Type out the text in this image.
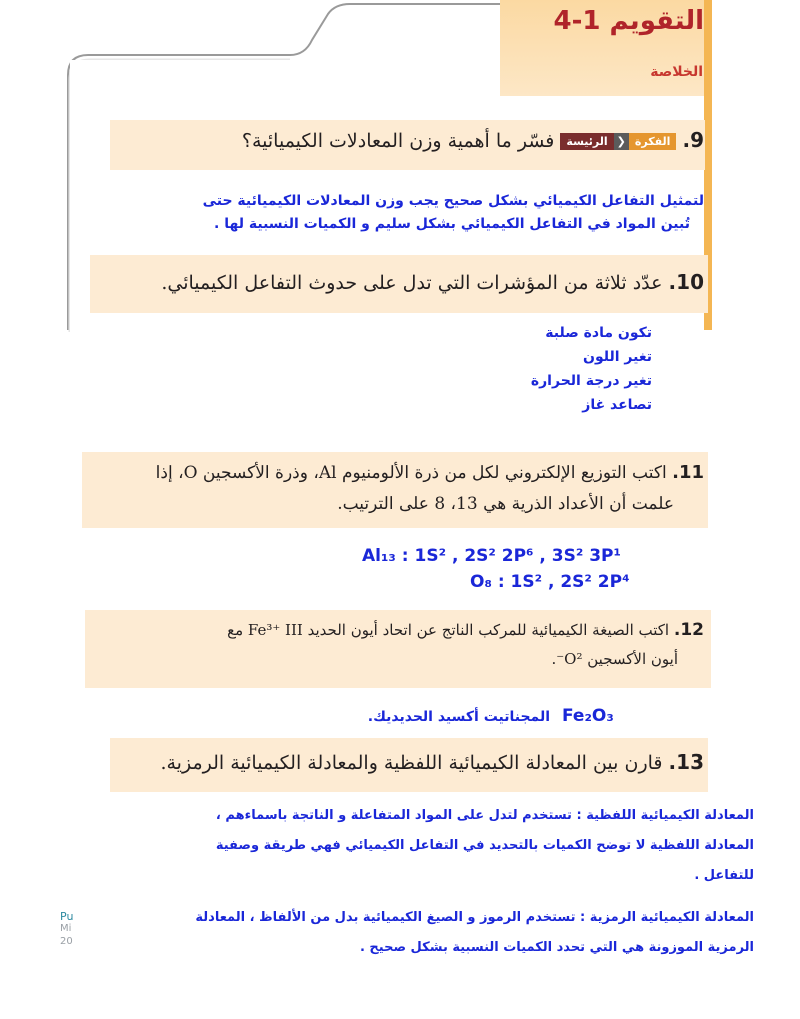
التقويم 1-4
الخلاصة
9. الفكرة❮الرئيسة فسّر ما أهمية وزن المعادلات الكيميائية؟
لتمثيل التفاعل الكيميائي بشكل صحيح يجب وزن المعادلات الكيميائية حتى
تُبين المواد في التفاعل الكيميائي بشكل سليم و الكميات النسبية لها .
10. عدّد ثلاثة من المؤشرات التي تدل على حدوث التفاعل الكيميائي.
تكون مادة صلبة
تغير اللون
تغير درجة الحرارة
تصاعد غاز
11. اكتب التوزيع الإلكتروني لكل من ذرة الألومنيوم Al، وذرة الأكسجين O، إذا
علمت أن الأعداد الذرية هي 13، 8 على الترتيب.
Al₁₃ : 1S² , 2S² 2P⁶ , 3S² 3P¹
O₈ : 1S² , 2S² 2P⁴
12. اكتب الصيغة الكيميائية للمركب الناتج عن اتحاد أيون الحديد Fe³⁺ III مع
أيون الأكسجين O²⁻.
Fe₂O₃
المجناتيت أكسيد الحديديك.
13. قارن بين المعادلة الكيميائية اللفظية والمعادلة الكيميائية الرمزية.
المعادلة الكيميائية اللفظية : تستخدم لتدل على المواد المتفاعلة و الناتجة باسماءهم ،
المعادلة اللفظية لا توضح الكميات بالتحديد في التفاعل الكيميائي فهي طريقة وصفية
للتفاعل .
المعادلة الكيميائية الرمزية : تستخدم الرموز و الصيغ الكيميائية بدل من الألفاظ ، المعادلة
الرمزية الموزونة هي التي تحدد الكميات النسبية بشكل صحيح .
Pu
Mi
20
